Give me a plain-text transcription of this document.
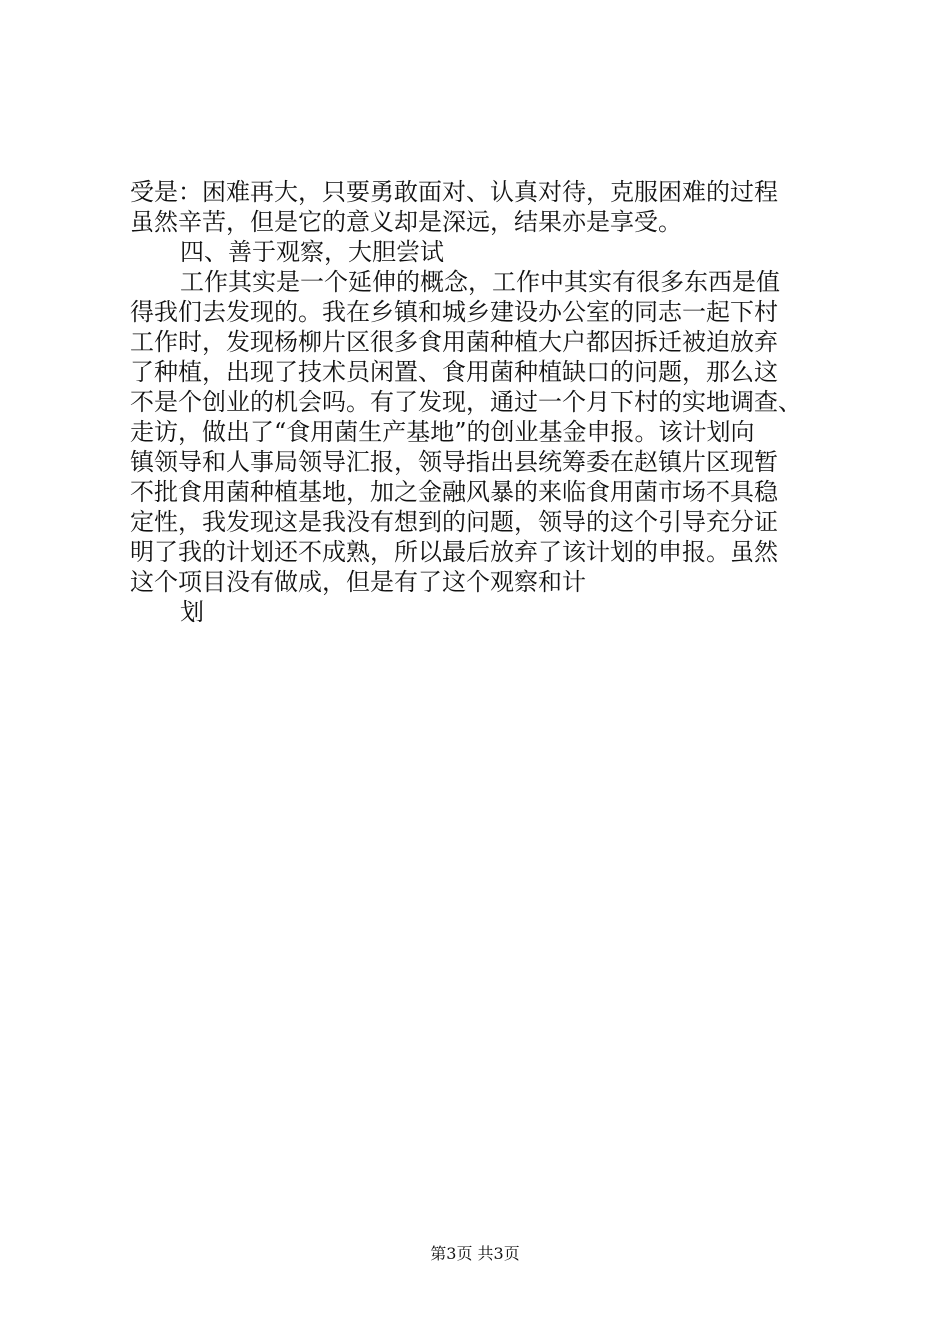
受是：困难再大，只要勇敢面对、认真对待，克服困难的过程
虽然辛苦，但是它的意义却是深远，结果亦是享受。
四、善于观察，大胆尝试
工作其实是一个延伸的概念，工作中其实有很多东西是值
得我们去发现的。我在乡镇和城乡建设办公室的同志一起下村
工作时，发现杨柳片区很多食用菌种植大户都因拆迁被迫放弃
了种植，出现了技术员闲置、食用菌种植缺口的问题，那么这
不是个创业的机会吗。有了发现，通过一个月下村的实地调查、
走访，做出了“食用菌生产基地”的创业基金申报。该计划向
镇领导和人事局领导汇报，领导指出县统筹委在赵镇片区现暂
不批食用菌种植基地，加之金融风暴的来临食用菌市场不具稳
定性，我发现这是我没有想到的问题，领导的这个引导充分证
明了我的计划还不成熟，所以最后放弃了该计划的申报。虽然
这个项目没有做成，但是有了这个观察和计
划
第3页 共3页
